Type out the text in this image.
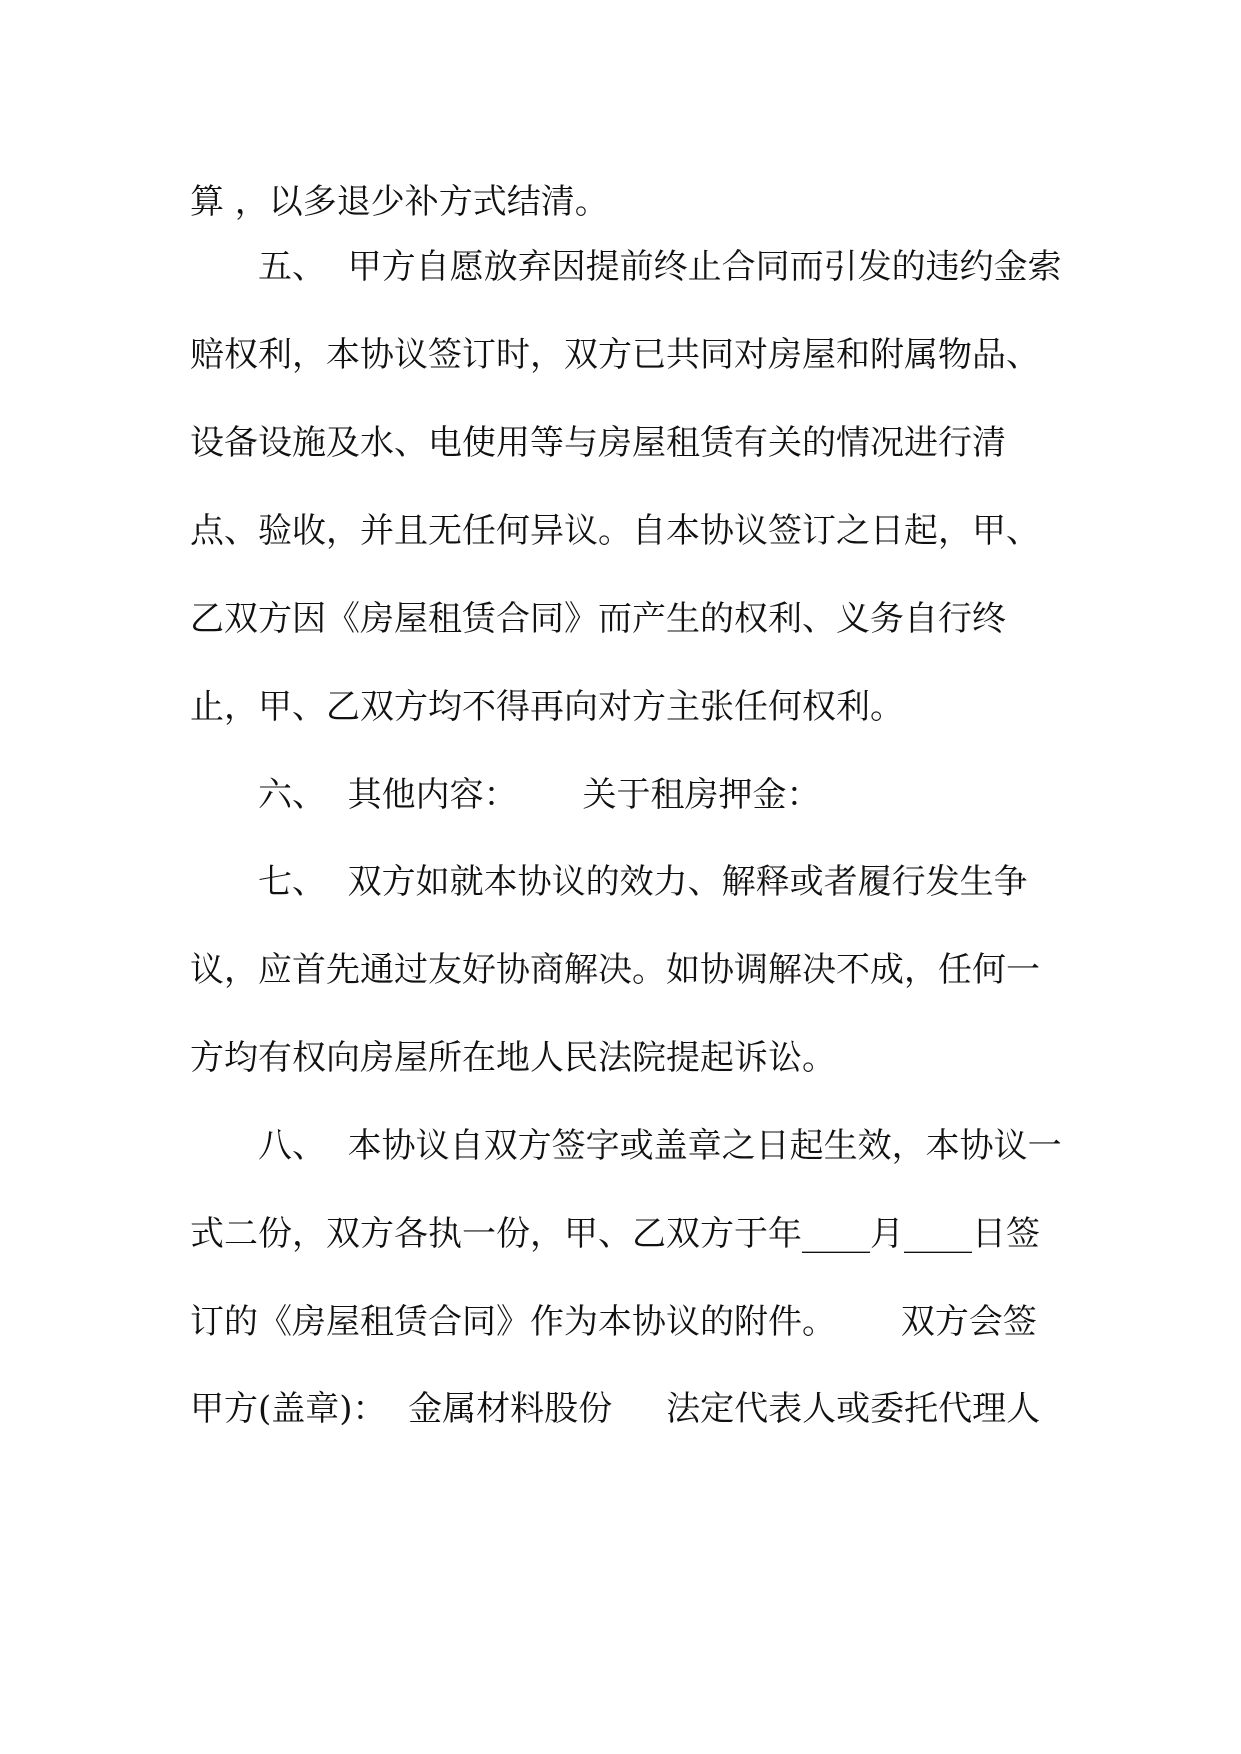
算 ，以多退少补方式结清。
五、  甲方自愿放弃因提前终止合同而引发的违约金索
赔权利，本协议签订时，双方已共同对房屋和附属物品、
设备设施及水、电使用等与房屋租赁有关的情况进行清
点、验收，并且无任何异议。自本协议签订之日起，甲、
乙双方因《房屋租赁合同》而产生的权利、义务自行终
止，甲、乙双方均不得再向对方主张任何权利。
六、  其他内容：      关于租房押金：
七、  双方如就本协议的效力、解释或者履行发生争
议，应首先通过友好协商解决。如协调解决不成，任何一
方均有权向房屋所在地人民法院提起诉讼。
八、  本协议自双方签字或盖章之日起生效，本协议一
式二份，双方各执一份，甲、乙双方于年____月____日签
订的《房屋租赁合同》作为本协议的附件。      双方会签
甲方(盖章)：  金属材料股份     法定代表人或委托代理人
